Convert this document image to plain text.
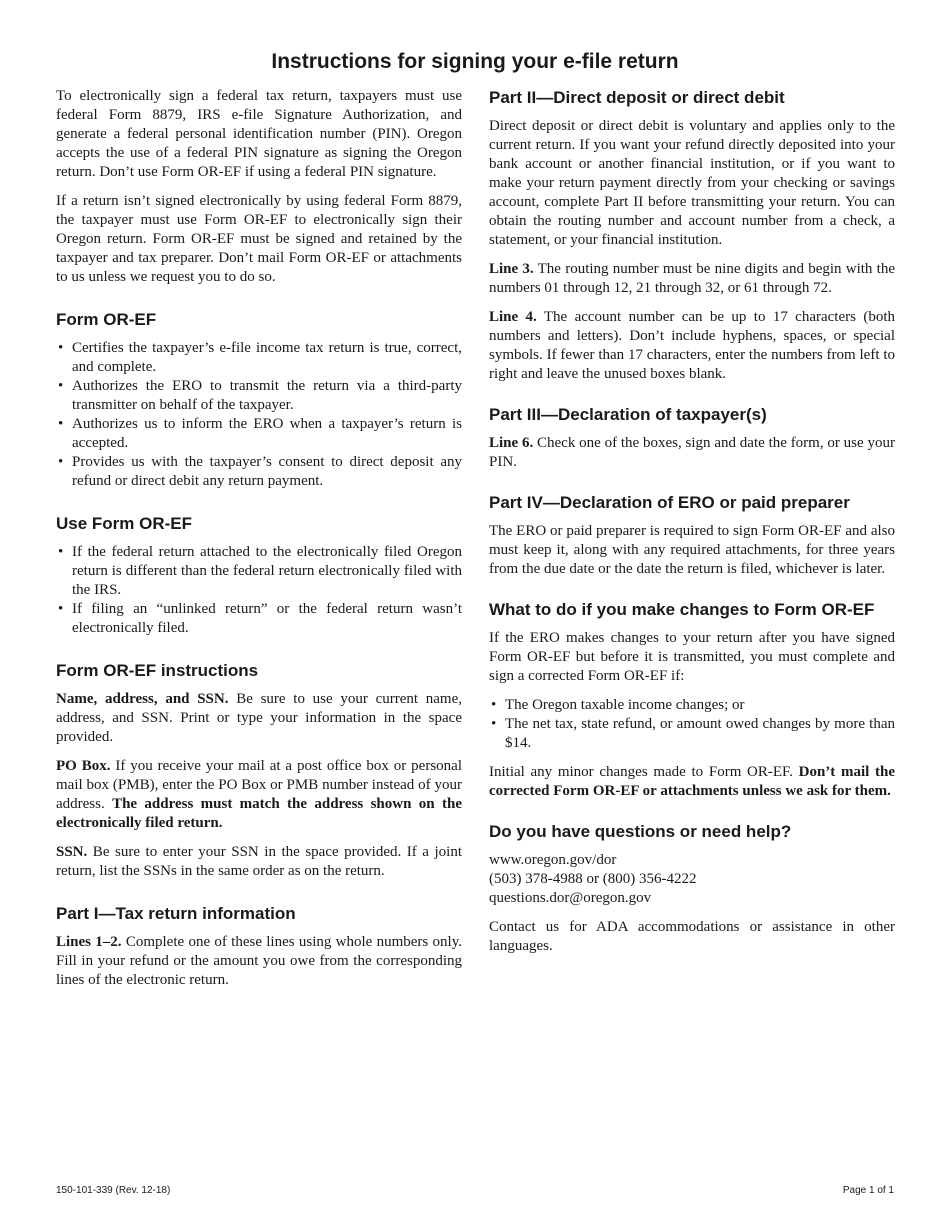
Instructions for signing your e-file return

To electronically sign a federal tax return, taxpayers must use federal Form 8879, IRS e-file Signature Authorization, and generate a federal personal identification number (PIN). Oregon accepts the use of a federal PIN signature as signing the Oregon return. Don’t use Form OR-EF if using a federal PIN signature.

If a return isn’t signed electronically by using federal Form 8879, the taxpayer must use Form OR-EF to electronically sign their Oregon return. Form OR-EF must be signed and retained by the taxpayer and tax preparer. Don’t mail Form OR-EF or attachments to us unless we request you to do so.

Form OR-EF
• Certifies the taxpayer’s e-file income tax return is true, correct, and complete.
• Authorizes the ERO to transmit the return via a third-party transmitter on behalf of the taxpayer.
• Authorizes us to inform the ERO when a taxpayer’s return is accepted.
• Provides us with the taxpayer’s consent to direct deposit any refund or direct debit any return payment.
Use Form OR-EF
• If the federal return attached to the electronically filed Oregon return is different than the federal return electronically filed with the IRS.
• If filing an “unlinked return” or the federal return wasn’t electronically filed.
Form OR-EF instructions

Name, address, and SSN. Be sure to use your current name, address, and SSN. Print or type your information in the space provided.

PO Box. If you receive your mail at a post office box or personal mail box (PMB), enter the PO Box or PMB number instead of your address. The address must match the address shown on the electronically filed return.

SSN. Be sure to enter your SSN in the space provided. If a joint return, list the SSNs in the same order as on the return.

Part I—Tax return information

Lines 1–2. Complete one of these lines using whole numbers only. Fill in your refund or the amount you owe from the corresponding lines of the electronic return.

Part II—Direct deposit or direct debit

Direct deposit or direct debit is voluntary and applies only to the current return. If you want your refund directly deposited into your bank account or another financial institution, or if you want to make your return payment directly from your checking or savings account, complete Part II before transmitting your return. You can obtain the routing number and account number from a check, a statement, or your financial institution.

Line 3. The routing number must be nine digits and begin with the numbers 01 through 12, 21 through 32, or 61 through 72.

Line 4. The account number can be up to 17 characters (both numbers and letters). Don’t include hyphens, spaces, or special symbols. If fewer than 17 characters, enter the numbers from left to right and leave the unused boxes blank.

Part III—Declaration of taxpayer(s)

Line 6. Check one of the boxes, sign and date the form, or use your PIN.

Part IV—Declaration of ERO or paid preparer

The ERO or paid preparer is required to sign Form OR-EF and also must keep it, along with any required attachments, for three years from the due date or the date the return is filed, whichever is later.

What to do if you make changes to Form OR-EF

If the ERO makes changes to your return after you have signed Form OR-EF but before it is transmitted, you must complete and sign a corrected Form OR-EF if:

• The Oregon taxable income changes; or
• The net tax, state refund, or amount owed changes by more than $14.

Initial any minor changes made to Form OR-EF. Don’t mail the corrected Form OR-EF or attachments unless we ask for them.

Do you have questions or need help?

www.oregon.gov/dor

(503) 378-4988 or (800) 356-4222

questions.dor@oregon.gov

Contact us for ADA accommodations or assistance in other languages.

150-101-339 (Rev. 12-18)	Page 1 of 1
